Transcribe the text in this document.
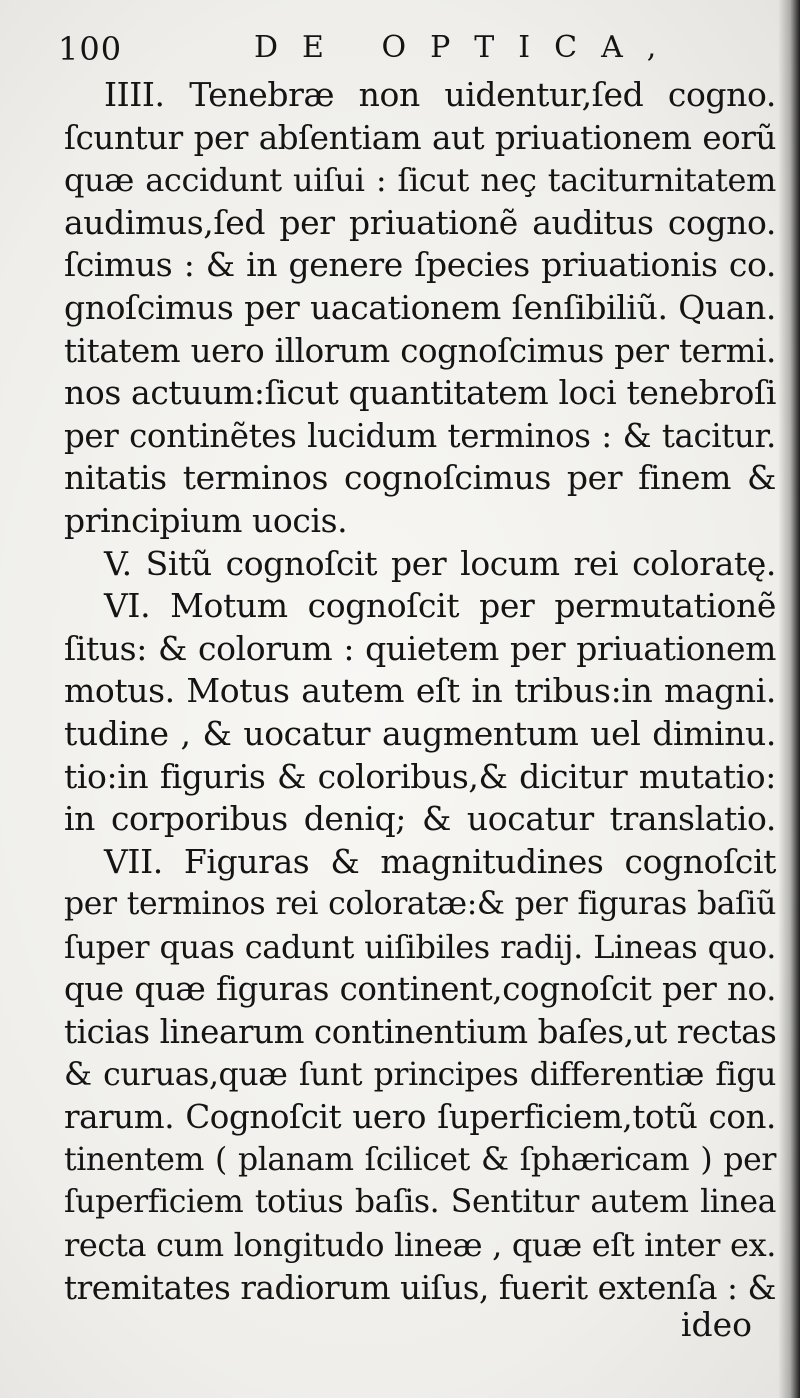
100	DE OPTICA,
IIII. Tenebræ non uidentur,ſed cogno.
ſcuntur per abſentiam aut priuationem eorũ
quæ accidunt uiſui : ſicut neç taciturnitatem
audimus,ſed per priuationẽ auditus cogno.
ſcimus : & in genere ſpecies priuationis co.
gnoſcimus per uacationem ſenſibiliũ. Quan.
titatem uero illorum cognoſcimus per termi.
nos actuum:ſicut quantitatem loci tenebroſi
per continẽtes lucidum terminos : & tacitur.
nitatis terminos cognoſcimus per finem &
principium uocis.
V. Sitũ cognoſcit per locum rei coloratę.
VI. Motum cognoſcit per permutationẽ
ſitus: & colorum : quietem per priuationem
motus. Motus autem eſt in tribus:in magni.
tudine , & uocatur augmentum uel diminu.
tio:in figuris & coloribus,& dicitur mutatio:
in corporibus deniq; & uocatur translatio.
VII. Figuras & magnitudines cognoſcit
per terminos rei coloratæ:& per figuras baſiũ
ſuper quas cadunt uiſibiles radij. Lineas quo.
que quæ figuras continent,cognoſcit per no.
ticias linearum continentium baſes,ut rectas
& curuas,quæ ſunt principes differentiæ figu
rarum. Cognoſcit uero ſuperficiem,totũ con.
tinentem ( planam ſcilicet & ſphæricam ) per
ſuperficiem totius baſis. Sentitur autem linea
recta cum longitudo lineæ , quæ eſt inter ex.
tremitates radiorum uiſus, fuerit extenſa : &
ideo
